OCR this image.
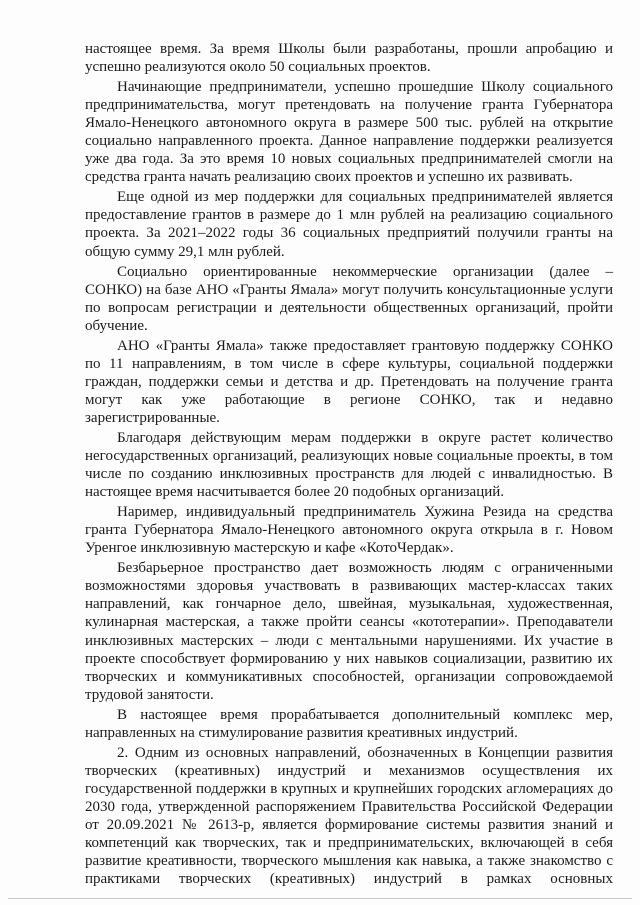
настоящее время. За время Школы были разработаны, прошли апробацию и успешно реализуются около 50 социальных проектов.

Начинающие предприниматели, успешно прошедшие Школу социального предпринимательства, могут претендовать на получение гранта Губернатора Ямало-Ненецкого автономного округа в размере 500 тыс. рублей на открытие социально направленного проекта. Данное направление поддержки реализуется уже два года. За это время 10 новых социальных предпринимателей смогли на средства гранта начать реализацию своих проектов и успешно их развивать.

Еще одной из мер поддержки для социальных предпринимателей является предоставление грантов в размере до 1 млн рублей на реализацию социального проекта. За 2021–2022 годы 36 социальных предприятий получили гранты на общую сумму 29,1 млн рублей.

Социально ориентированные некоммерческие организации (далее – СОНКО) на базе АНО «Гранты Ямала» могут получить консультационные услуги по вопросам регистрации и деятельности общественных организаций, пройти обучение.

АНО «Гранты Ямала» также предоставляет грантовую поддержку СОНКО по 11 направлениям, в том числе в сфере культуры, социальной поддержки граждан, поддержки семьи и детства и др. Претендовать на получение гранта могут как уже работающие в регионе СОНКО, так и недавно зарегистрированные.

Благодаря действующим мерам поддержки в округе растет количество негосударственных организаций, реализующих новые социальные проекты, в том числе по созданию инклюзивных пространств для людей с инвалидностью. В настоящее время насчитывается более 20 подобных организаций.

Наример, индивидуальный предприниматель Хужина Резида на средства гранта Губернатора Ямало-Ненецкого автономного округа открыла в г. Новом Уренгое инклюзивную мастерскую и кафе «КотоЧердак».

Безбарьерное пространство дает возможность людям с ограниченными возможностями здоровья участвовать в развивающих мастер-классах таких направлений, как гончарное дело, швейная, музыкальная, художественная, кулинарная мастерская, а также пройти сеансы «кототерапии». Преподаватели инклюзивных мастерских – люди с ментальными нарушениями. Их участие в проекте способствует формированию у них навыков социализации, развитию их творческих и коммуникативных способностей, организации сопровождаемой трудовой занятости.

В настоящее время прорабатывается дополнительный комплекс мер, направленных на стимулирование развития креативных индустрий.

2. Одним из основных направлений, обозначенных в Концепции развития творческих (креативных) индустрий и механизмов осуществления их государственной поддержки в крупных и крупнейших городских агломерациях до 2030 года, утвержденной распоряжением Правительства Российской Федерации от 20.09.2021 № 2613-р, является формирование системы развития знаний и компетенций как творческих, так и предпринимательских, включающей в себя развитие креативности, творческого мышления как навыка, а также знакомство с практиками творческих (креативных) индустрий в рамках основных
